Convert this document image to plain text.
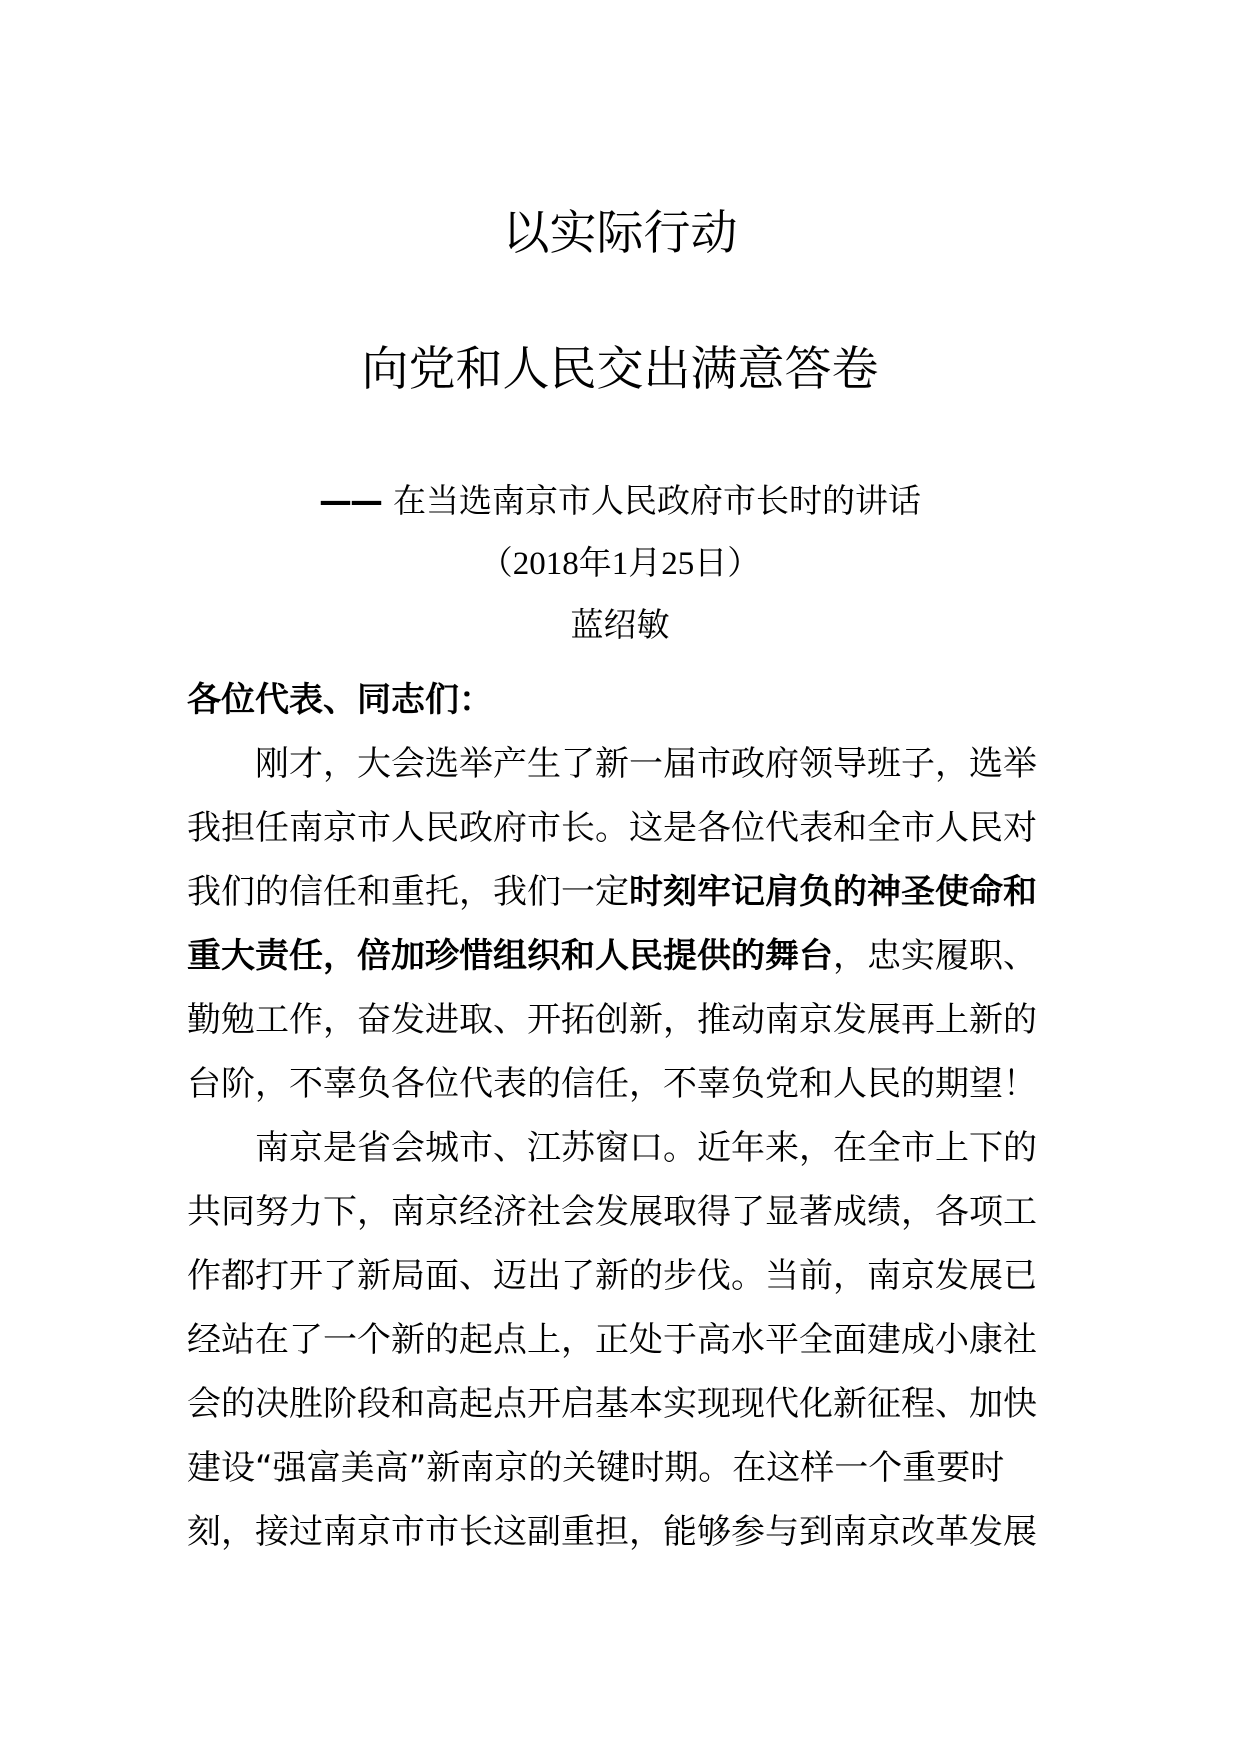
以实际行动
向党和人民交出满意答卷

—— 在当选南京市人民政府市长时的讲话

（2018年1月25日）

蓝绍敏

各位代表、同志们：
刚才，大会选举产生了新一届市政府领导班子，选举
我担任南京市人民政府市长。这是各位代表和全市人民对
我们的信任和重托，我们一定时刻牢记肩负的神圣使命和
重大责任，倍加珍惜组织和人民提供的舞台，忠实履职、
勤勉工作，奋发进取、开拓创新，推动南京发展再上新的
台阶，不辜负各位代表的信任，不辜负党和人民的期望！
南京是省会城市、江苏窗口。近年来，在全市上下的
共同努力下，南京经济社会发展取得了显著成绩，各项工
作都打开了新局面、迈出了新的步伐。当前，南京发展已
经站在了一个新的起点上，正处于高水平全面建成小康社
会的决胜阶段和高起点开启基本实现现代化新征程、加快
建设“强富美高”新南京的关键时期。在这样一个重要时
刻，接过南京市市长这副重担，能够参与到南京改革发展
